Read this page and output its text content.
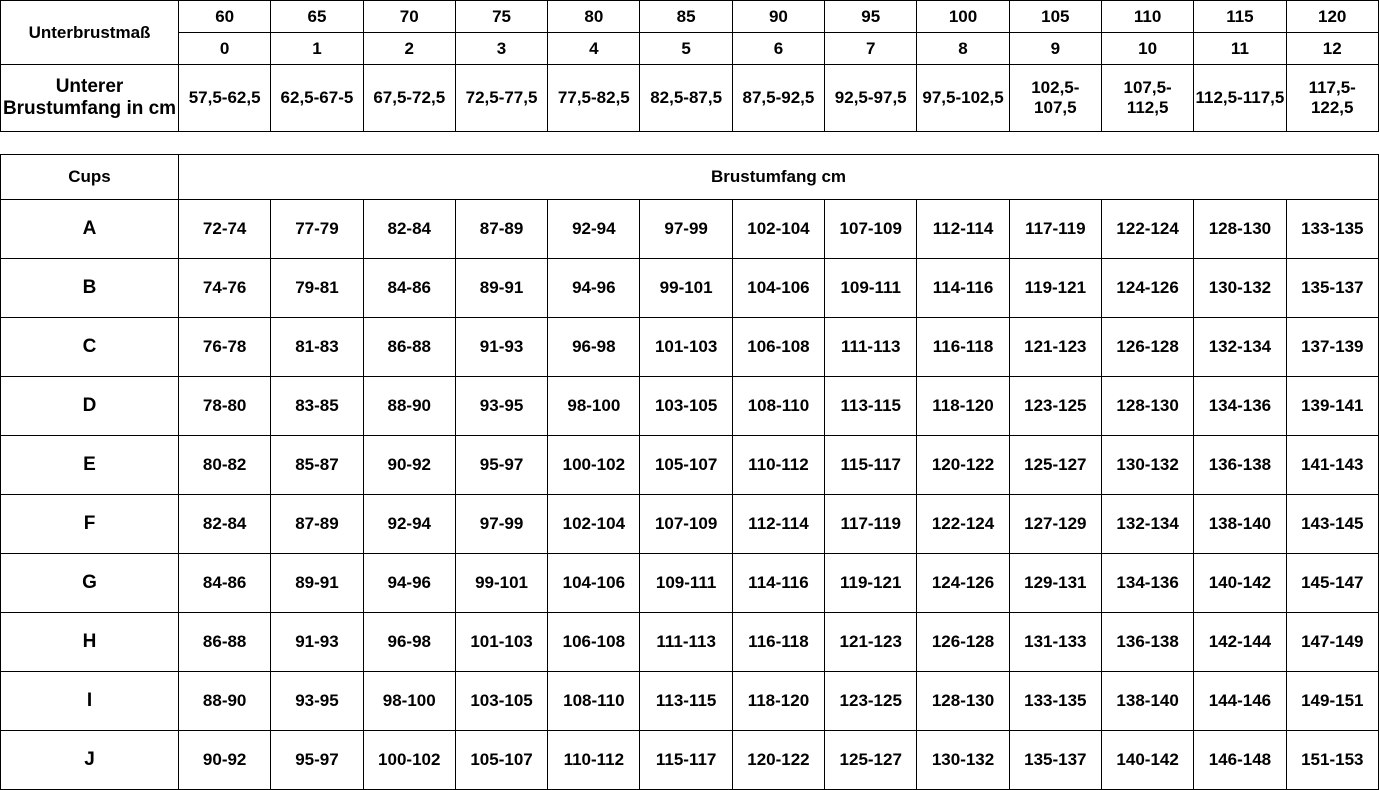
Unterbrustmaß	60	65	70	75	80	85	90	95	100	105	110	115	120
	0	1	2	3	4	5	6	7	8	9	10	11	12
Unterer Brustumfang in cm	57,5-62,5	62,5-67-5	67,5-72,5	72,5-77,5	77,5-82,5	82,5-87,5	87,5-92,5	92,5-97,5	97,5-102,5	102,5-107,5	107,5-112,5	112,5-117,5	117,5-122,5
Cups	Brustumfang cm												
A	72-74	77-79	82-84	87-89	92-94	97-99	102-104	107-109	112-114	117-119	122-124	128-130	133-135
B	74-76	79-81	84-86	89-91	94-96	99-101	104-106	109-111	114-116	119-121	124-126	130-132	135-137
C	76-78	81-83	86-88	91-93	96-98	101-103	106-108	111-113	116-118	121-123	126-128	132-134	137-139
D	78-80	83-85	88-90	93-95	98-100	103-105	108-110	113-115	118-120	123-125	128-130	134-136	139-141
E	80-82	85-87	90-92	95-97	100-102	105-107	110-112	115-117	120-122	125-127	130-132	136-138	141-143
F	82-84	87-89	92-94	97-99	102-104	107-109	112-114	117-119	122-124	127-129	132-134	138-140	143-145
G	84-86	89-91	94-96	99-101	104-106	109-111	114-116	119-121	124-126	129-131	134-136	140-142	145-147
H	86-88	91-93	96-98	101-103	106-108	111-113	116-118	121-123	126-128	131-133	136-138	142-144	147-149
I	88-90	93-95	98-100	103-105	108-110	113-115	118-120	123-125	128-130	133-135	138-140	144-146	149-151
J	90-92	95-97	100-102	105-107	110-112	115-117	120-122	125-127	130-132	135-137	140-142	146-148	151-153
